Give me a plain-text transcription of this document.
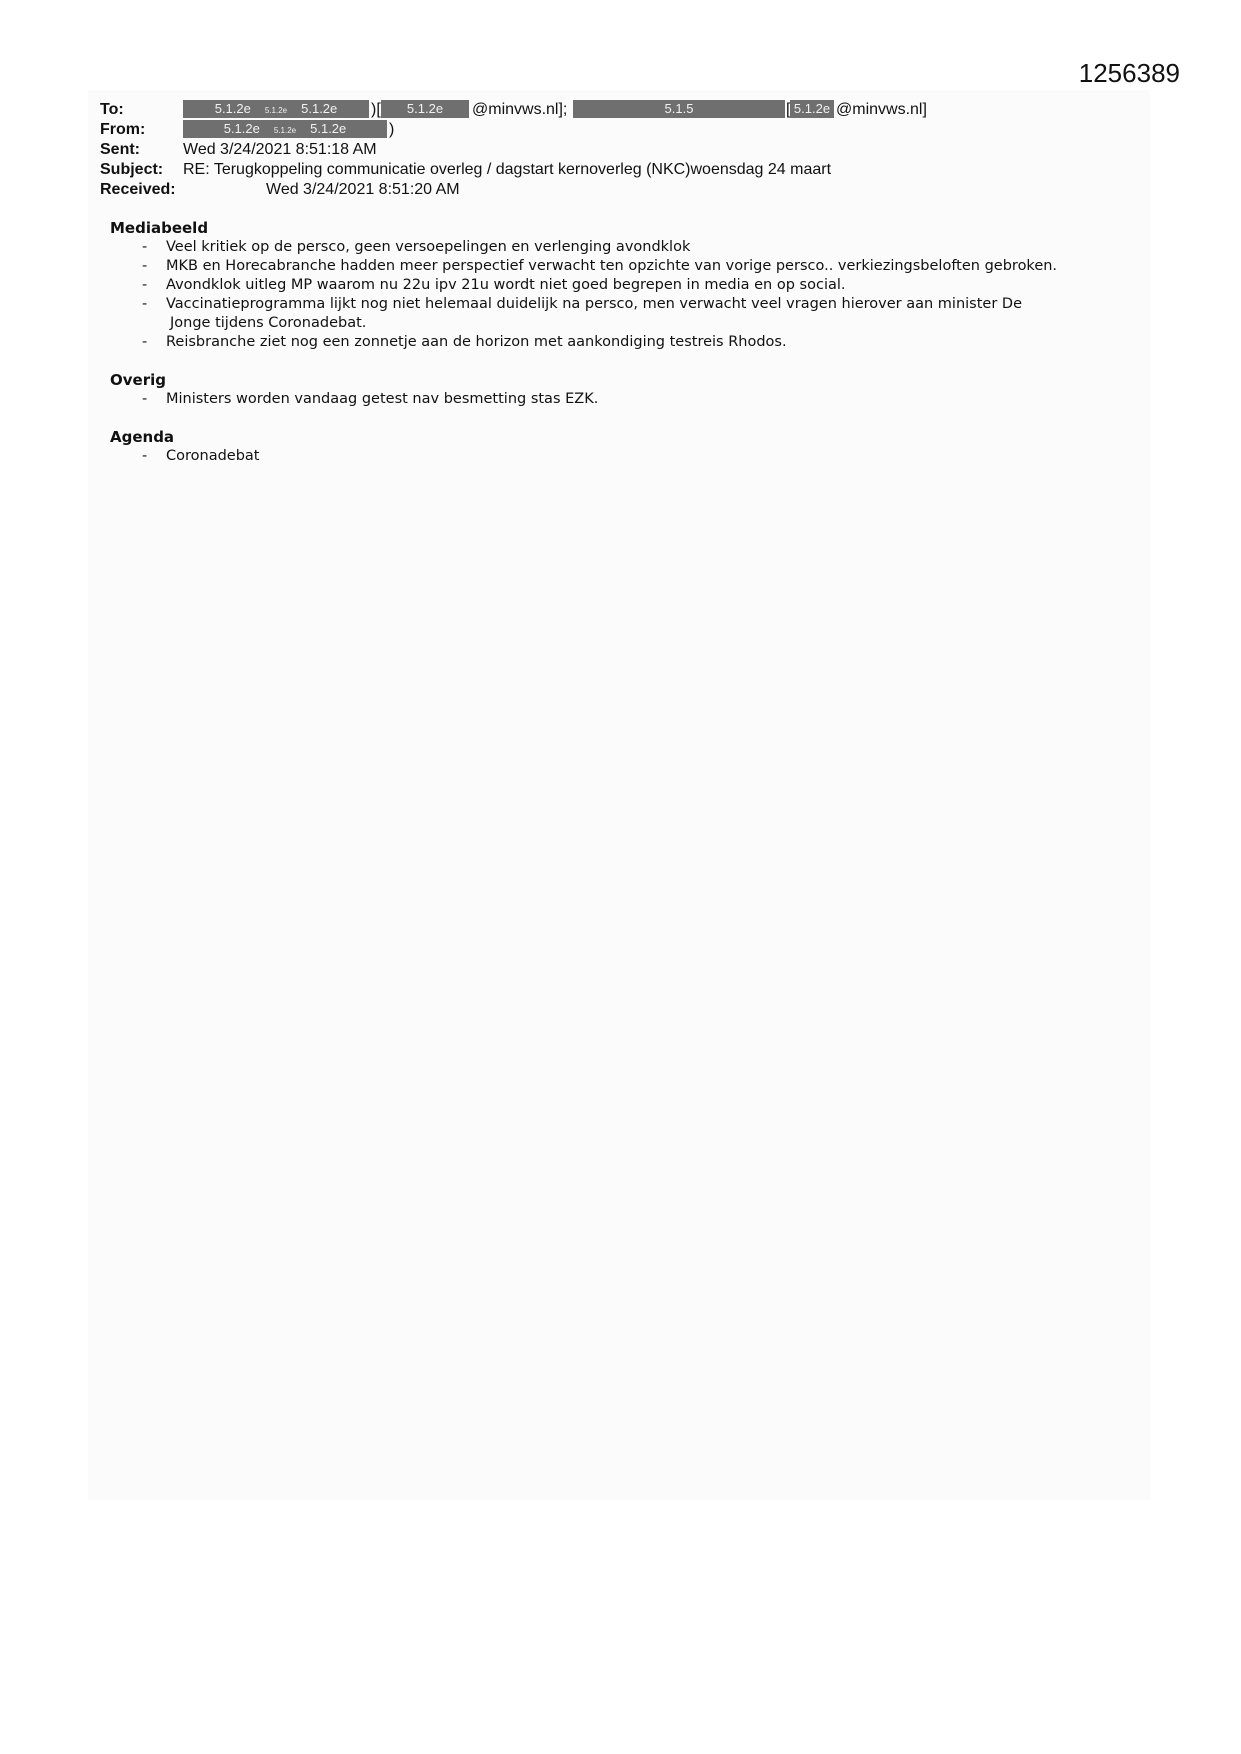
1256389
To:	5.1.2e 5.1.2e 5.1.2e	)[	5.1.2e	@minvws.nl];	5.1.5	[ 5.1.2e @minvws.nl]
From:	5.1.2e 5.1.2e 5.1.2e	)
Sent:	Wed 3/24/2021 8:51:18 AM
Subject: RE: Terugkoppeling communicatie overleg / dagstart kernoverleg (NKC)woensdag 24 maart
Received:	Wed 3/24/2021 8:51:20 AM
Mediabeeld
- Veel kritiek op de persco, geen versoepelingen en verlenging avondklok
- MKB en Horecabranche hadden meer perspectief verwacht ten opzichte van vorige persco.. verkiezingsbeloften gebroken.
- Avondklok uitleg MP waarom nu 22u ipv 21u wordt niet goed begrepen in media en op social.
- Vaccinatieprogramma lijkt nog niet helemaal duidelijk na persco, men verwacht veel vragen hierover aan minister De
Jonge tijdens Coronadebat.
- Reisbranche ziet nog een zonnetje aan de horizon met aankondiging testreis Rhodos.
Overig
- Ministers worden vandaag getest nav besmetting stas EZK.
Agenda
- Coronadebat
